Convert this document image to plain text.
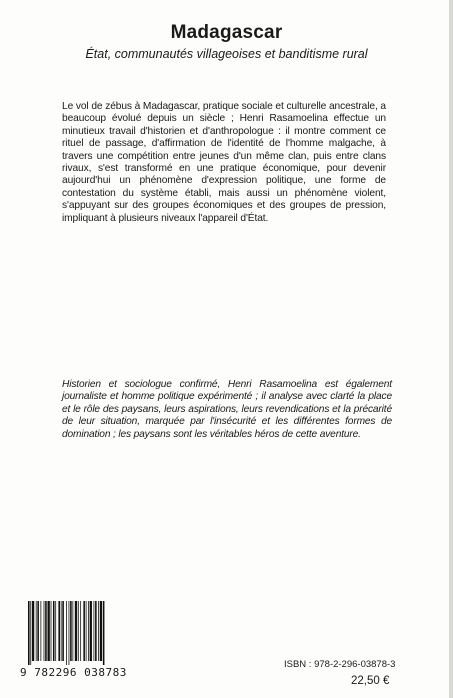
Madagascar
État, communautés villageoises et banditisme rural
Le vol de zébus à Madagascar, pratique sociale et culturelle ancestrale, a beaucoup évolué depuis un siècle ; Henri Rasamoelina effectue un minutieux travail d'historien et d'anthropologue : il montre comment ce rituel de passage, d'affirmation de l'identité de l'homme malgache, à travers une compétition entre jeunes d'un même clan, puis entre clans rivaux, s'est transformé en une pratique économique, pour devenir aujourd'hui un phénomène d'expression politique, une forme de contestation du système établi, mais aussi un phénomène violent, s'appuyant sur des groupes économiques et des groupes de pression, impliquant à plusieurs niveaux l'appareil d'État.
Historien et sociologue confirmé, Henri Rasamoelina est également journaliste et homme politique expérimenté ; il analyse avec clarté la place et le rôle des paysans, leurs aspirations, leurs revendications et la précarité de leur situation, marquée par l'insécurité et les différentes formes de domination ; les paysans sont les véritables héros de cette aventure.
9 782296 038783
ISBN : 978-2-296-03878-3
22,50 €
